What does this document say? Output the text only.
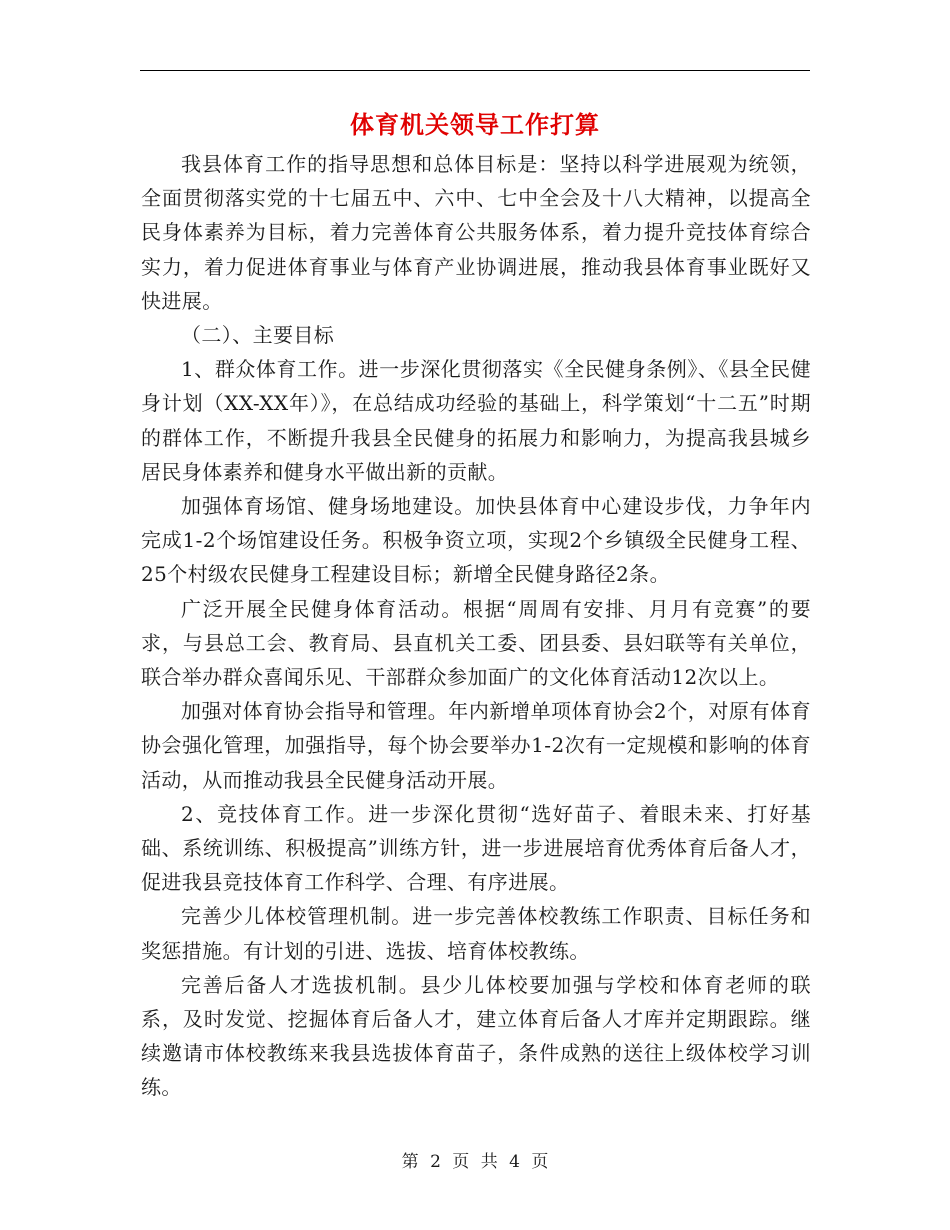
体育机关领导工作打算

我县体育工作的指导思想和总体目标是：坚持以科学进展观为统领，全面贯彻落实党的十七届五中、六中、七中全会及十八大精神，以提高全民身体素养为目标，着力完善体育公共服务体系，着力提升竞技体育综合实力，着力促进体育事业与体育产业协调进展，推动我县体育事业既好又快进展。

（二）、主要目标

1、群众体育工作。进一步深化贯彻落实《全民健身条例》、《县全民健身计划（XX-XX年）》，在总结成功经验的基础上，科学策划“十二五”时期的群体工作，不断提升我县全民健身的拓展力和影响力，为提高我县城乡居民身体素养和健身水平做出新的贡献。

加强体育场馆、健身场地建设。加快县体育中心建设步伐，力争年内完成1-2个场馆建设任务。积极争资立项，实现2个乡镇级全民健身工程、25个村级农民健身工程建设目标；新增全民健身路径2条。

广泛开展全民健身体育活动。根据“周周有安排、月月有竞赛”的要求，与县总工会、教育局、县直机关工委、团县委、县妇联等有关单位，联合举办群众喜闻乐见、干部群众参加面广的文化体育活动12次以上。

加强对体育协会指导和管理。年内新增单项体育协会2个，对原有体育协会强化管理，加强指导，每个协会要举办1-2次有一定规模和影响的体育活动，从而推动我县全民健身活动开展。

2、竞技体育工作。进一步深化贯彻“选好苗子、着眼未来、打好基础、系统训练、积极提高”训练方针，进一步进展培育优秀体育后备人才，促进我县竞技体育工作科学、合理、有序进展。

完善少儿体校管理机制。进一步完善体校教练工作职责、目标任务和奖惩措施。有计划的引进、选拔、培育体校教练。

完善后备人才选拔机制。县少儿体校要加强与学校和体育老师的联系，及时发觉、挖掘体育后备人才，建立体育后备人才库并定期跟踪。继续邀请市体校教练来我县选拔体育苗子，条件成熟的送往上级体校学习训练。

第 2 页 共 4 页
